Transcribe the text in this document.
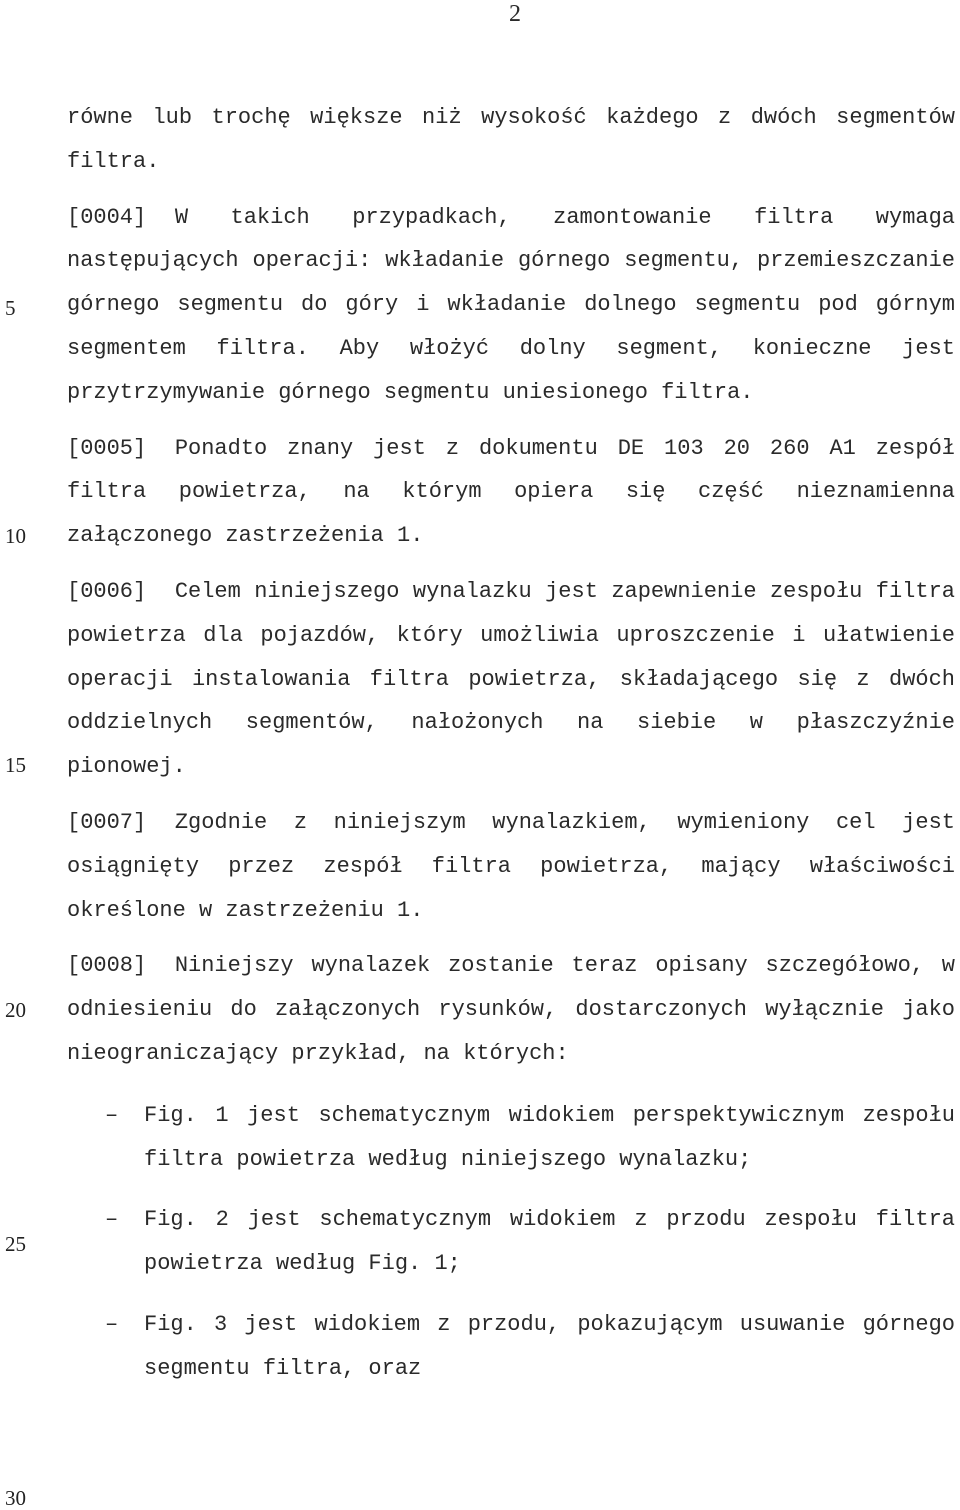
2
5
10
15
20
25
30

równe lub trochę większe niż wysokość każdego z dwóch segmentów filtra.

[0004] W takich przypadkach, zamontowanie filtra wymaga następujących operacji: wkładanie górnego segmentu, przemieszczanie górnego segmentu do góry i wkładanie dolnego segmentu pod górnym segmentem filtra. Aby włożyć dolny segment, konieczne jest przytrzymywanie górnego segmentu uniesionego filtra.

[0005] Ponadto znany jest z dokumentu DE 103 20 260 A1 zespół filtra powietrza, na którym opiera się część nieznamienna załączonego zastrzeżenia 1.

[0006] Celem niniejszego wynalazku jest zapewnienie zespołu filtra powietrza dla pojazdów, który umożliwia uproszczenie i ułatwienie operacji instalowania filtra powietrza, składającego się z dwóch oddzielnych segmentów, nałożonych na siebie w płaszczyźnie pionowej.

[0007] Zgodnie z niniejszym wynalazkiem, wymieniony cel jest osiągnięty przez zespół filtra powietrza, mający właściwości określone w zastrzeżeniu 1.

[0008] Niniejszy wynalazek zostanie teraz opisany szczegółowo, w odniesieniu do załączonych rysunków, dostarczonych wyłącznie jako nieograniczający przykład, na których:

– Fig. 1 jest schematycznym widokiem perspektywicznym zespołu filtra powietrza według niniejszego wynalazku;
– Fig. 2 jest schematycznym widokiem z przodu zespołu filtra powietrza według Fig. 1;
– Fig. 3 jest widokiem z przodu, pokazującym usuwanie górnego segmentu filtra, oraz
